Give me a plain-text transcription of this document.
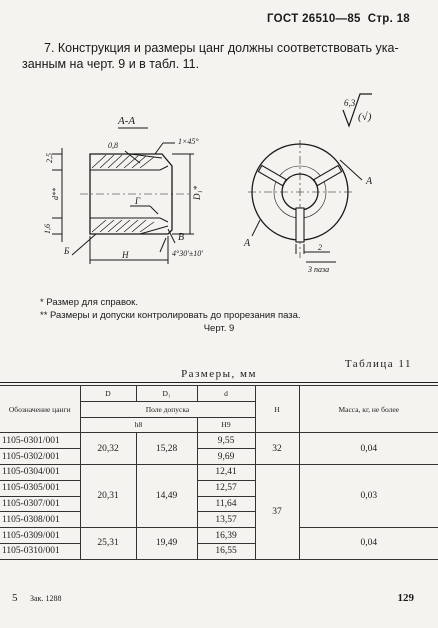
ГОСТ 26510—85 Стр. 18
7. Конструкция и размеры цанг должны соответствовать ука-
занным на черт. 9 и в табл. 11.
А-А
2,5
0,8	1×45°
d**	D₁*
1,6
Г
Б
В
H	4°30'±10'
6,3
(√)
A
A	2
3 паза
* Размер для справок.
** Размеры и допуски контролировать до прорезания паза.
Черт. 9
Таблица 11
Размеры, мм
Обозначение цанги	D	D₁	d	H	Масса, кг, не более
	Поле допуска				
	h8		H9		
1105-0301/001	20,32	15,28	9,55	32	0,04
1105-0302/001			9,69		
1105-0304/001	20,31	14,49	12,41	37	0,03
1105-0305/001			12,57		
1105-0307/001			11,64		
1105-0308/001			13,57		
1105-0309/001	25,31	19,49	16,39		0,04
1105-0310/001			16,55		
5 Зак. 1288	129
